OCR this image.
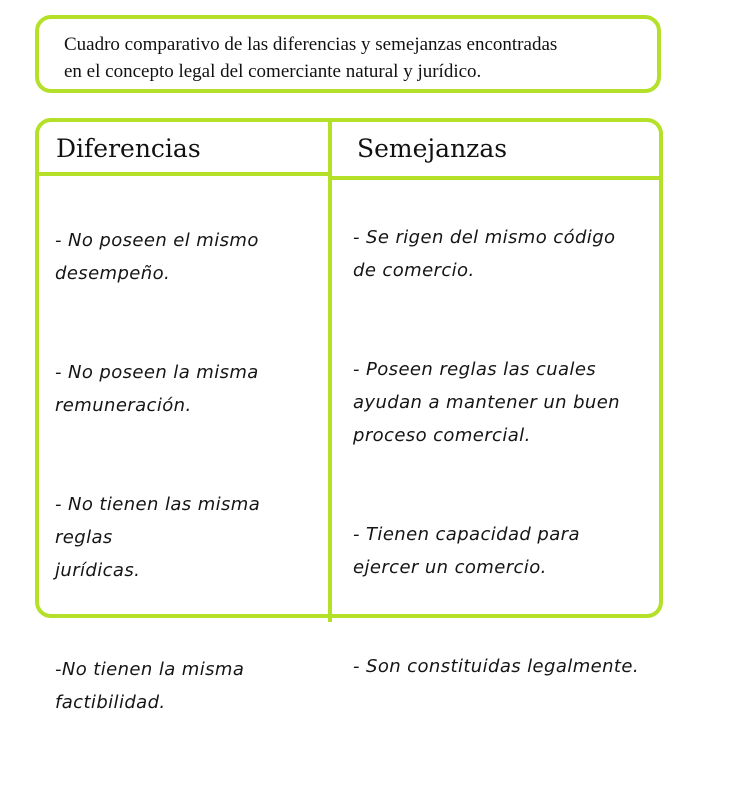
Cuadro comparativo de las diferencias y semejanzas encontradas
en el concepto legal del comerciante natural y jurídico.
Diferencias	Semejanzas

- No poseen el mismo
desempeño.

- No poseen la misma
remuneración.

- No tienen las misma
reglas
jurídicas.

-No tienen la misma
factibilidad.

- Se rigen del mismo código
de comercio.

- Poseen reglas las cuales
ayudan a mantener un buen
proceso comercial.

- Tienen capacidad para
ejercer un comercio.

- Son constituidas legalmente.
